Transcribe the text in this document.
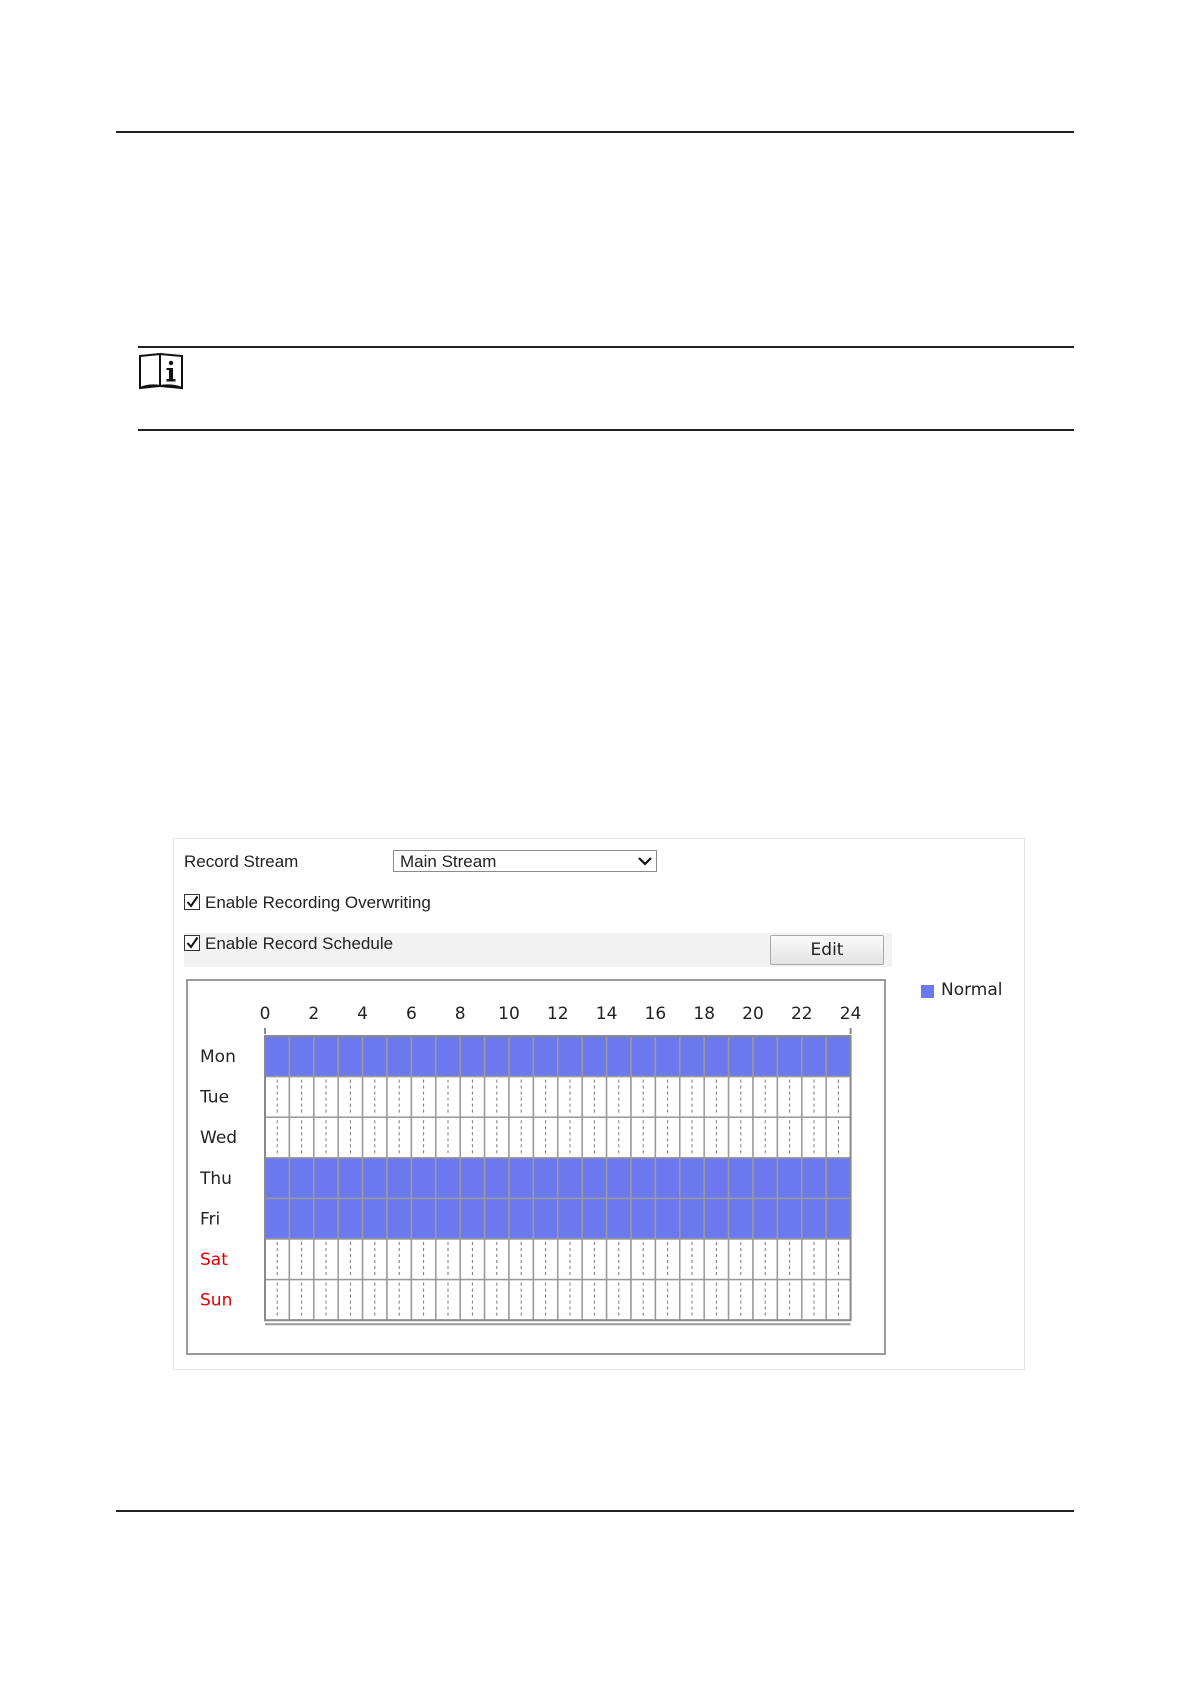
Record Stream	Main Stream
Enable Recording Overwriting
Enable Record Schedule	Edit
Normal
0 2 4 6 8 10 12 14 16 18 20 22 24
Mon
Tue
Wed
Thu
Fri
Sat
Sun
